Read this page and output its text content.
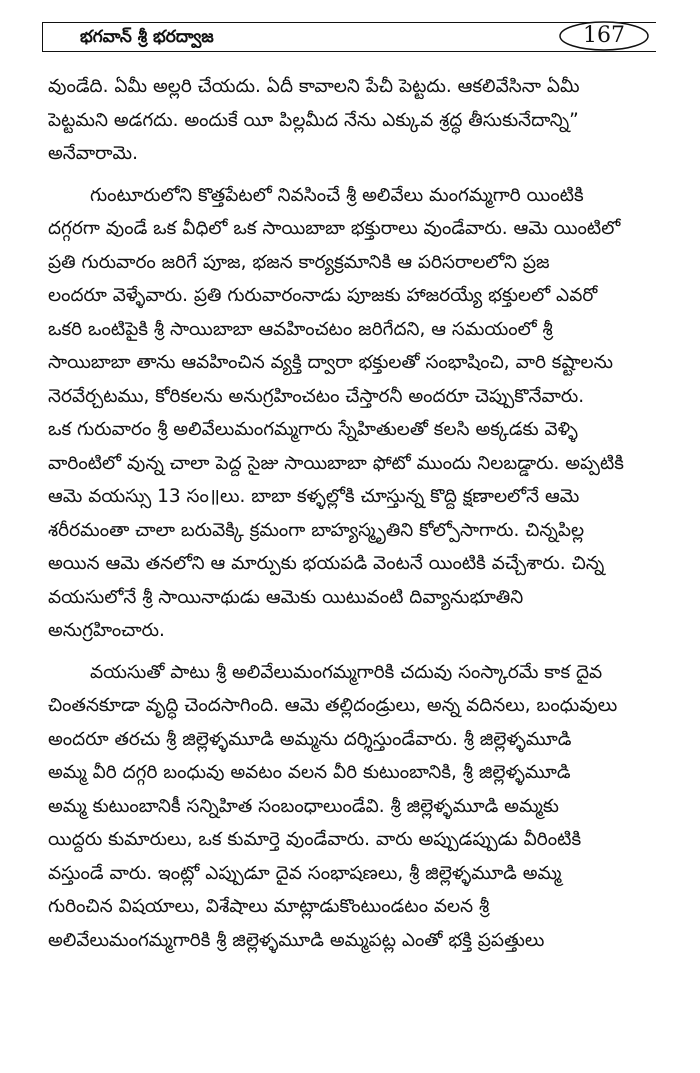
భగవాన్ శ్రీ భరద్వాజ	167

వుండేది. ఏమీ అల్లరి చేయదు. ఏదీ కావాలని పేచీ పెట్టదు. ఆకలివేసినా ఏమీ
పెట్టమని అడగదు. అందుకే యీ పిల్లమీద నేను ఎక్కువ శ్రద్ధ తీసుకునేదాన్ని”
అనేవారామె.

గుంటూరులోని కొత్తపేటలో నివసించే శ్రీ అలివేలు మంగమ్మగారి యింటికి
దగ్గరగా వుండే ఒక వీధిలో ఒక సాయిబాబా భక్తురాలు వుండేవారు. ఆమె యింటిలో
ప్రతి గురువారం జరిగే పూజ, భజన కార్యక్రమానికి ఆ పరిసరాలలోని ప్రజ
లందరూ వెళ్ళేవారు. ప్రతి గురువారంనాడు పూజకు హాజరయ్యే భక్తులలో ఎవరో
ఒకరి ఒంటిపైకి శ్రీ సాయిబాబా ఆవహించటం జరిగేదని, ఆ సమయంలో శ్రీ
సాయిబాబా తాను ఆవహించిన వ్యక్తి ద్వారా భక్తులతో సంభాషించి, వారి కష్టాలను
నెరవేర్చటము, కోరికలను అనుగ్రహించటం చేస్తారనీ అందరూ చెప్పుకొనేవారు.
ఒక గురువారం శ్రీ అలివేలుమంగమ్మగారు స్నేహితులతో కలసి అక్కడకు వెళ్ళి
వారింటిలో వున్న చాలా పెద్ద సైజు సాయిబాబా ఫోటో ముందు నిలబడ్డారు. అప్పటికి
ఆమె వయస్సు 13 సం॥లు. బాబా కళ్ళల్లోకి చూస్తున్న కొద్ది క్షణాలలోనే ఆమె
శరీరమంతా చాలా బరువెక్కి క్రమంగా బాహ్యస్మృతిని కోల్పోసాగారు. చిన్నపిల్ల
అయిన ఆమె తనలోని ఆ మార్పుకు భయపడి వెంటనే యింటికి వచ్చేశారు. చిన్న
వయసులోనే శ్రీ సాయినాథుడు ఆమెకు యిటువంటి దివ్యానుభూతిని
అనుగ్రహించారు.

వయసుతో పాటు శ్రీ అలివేలుమంగమ్మగారికి చదువు సంస్కారమే కాక దైవ
చింతనకూడా వృద్ధి చెందసాగింది. ఆమె తల్లిదండ్రులు, అన్న వదినలు, బంధువులు
అందరూ తరచు శ్రీ జిల్లెళ్ళమూడి అమ్మను దర్శిస్తుండేవారు. శ్రీ జిల్లెళ్ళమూడి
అమ్మ వీరి దగ్గరి బంధువు అవటం వలన వీరి కుటుంబానికి, శ్రీ జిల్లెళ్ళమూడి
అమ్మ కుటుంబానికీ సన్నిహిత సంబంధాలుండేవి. శ్రీ జిల్లెళ్ళమూడి అమ్మకు
యిద్దరు కుమారులు, ఒక కుమార్తె వుండేవారు. వారు అప్పుడప్పుడు వీరింటికి
వస్తుండే వారు. ఇంట్లో ఎప్పుడూ దైవ సంభాషణలు, శ్రీ జిల్లెళ్ళమూడి అమ్మ
గురించిన విషయాలు, విశేషాలు మాట్లాడుకొంటుండటం వలన శ్రీ
అలివేలుమంగమ్మగారికి శ్రీ జిల్లెళ్ళమూడి అమ్మపట్ల ఎంతో భక్తి ప్రపత్తులు
